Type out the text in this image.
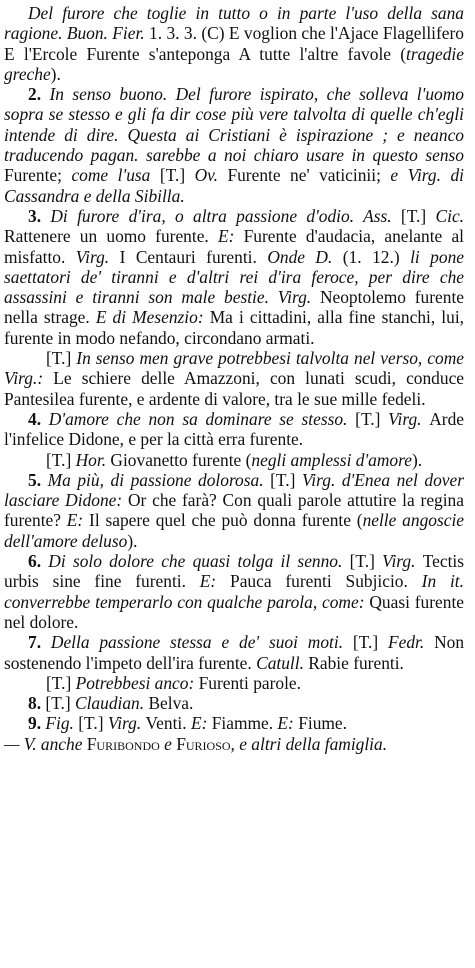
Del furore che toglie in tutto o in parte l'uso della sana ragione. Buon. Fier. 1. 3. 3. (C) E voglion che l'Ajace Flagellifero E l'Ercole Furente s'anteponga A tutte l'altre favole (tragedie greche).

2. In senso buono. Del furore ispirato, che solleva l'uomo sopra se stesso e gli fa dir cose più vere talvolta di quelle ch'egli intende di dire. Questa ai Cristiani è ispirazione ; e neanco traducendo pagan. sarebbe a noi chiaro usare in questo senso Furente; come l'usa [T.] Ov. Furente ne' vaticinii; e Virg. di Cassandra e della Sibilla.

3. Di furore d'ira, o altra passione d'odio. Ass. [T.] Cic. Rattenere un uomo furente. E: Furente d'audacia, anelante al misfatto. Virg. I Centauri furenti. Onde D. (1. 12.) li pone saettatori de' tiranni e d'altri rei d'ira feroce, per dire che assassini e tiranni son male bestie. Virg. Neoptolemo furente nella strage. E di Mesenzio: Ma i cittadini, alla fine stanchi, lui, furente in modo nefando, circondano armati.

[T.] In senso men grave potrebbesi talvolta nel verso, come Virg.: Le schiere delle Amazzoni, con lunati scudi, conduce Pantesilea furente, e ardente di valore, tra le sue mille fedeli.

4. D'amore che non sa dominare se stesso. [T.] Virg. Arde l'infelice Didone, e per la città erra furente.

[T.] Hor. Giovanetto furente (negli amplessi d'amore).

5. Ma più, di passione dolorosa. [T.] Virg. d'Enea nel dover lasciare Didone: Or che farà? Con quali parole attutire la regina furente? E: Il sapere quel che può donna furente (nelle angoscie dell'amore deluso).

6. Di solo dolore che quasi tolga il senno. [T.] Virg. Tectis urbis sine fine furenti. E: Pauca furenti Subjicio. In it. converrebbe temperarlo con qualche parola, come: Quasi furente nel dolore.

7. Della passione stessa e de' suoi moti. [T.] Fedr. Non sostenendo l'impeto dell'ira furente. Catull. Rabie furenti.

[T.] Potrebbesi anco: Furenti parole.

8. [T.] Claudian. Belva.

9. Fig. [T.] Virg. Venti. E: Fiamme. E: Fiume.

— V. anche Furibondo e Furioso, e altri della famiglia.
